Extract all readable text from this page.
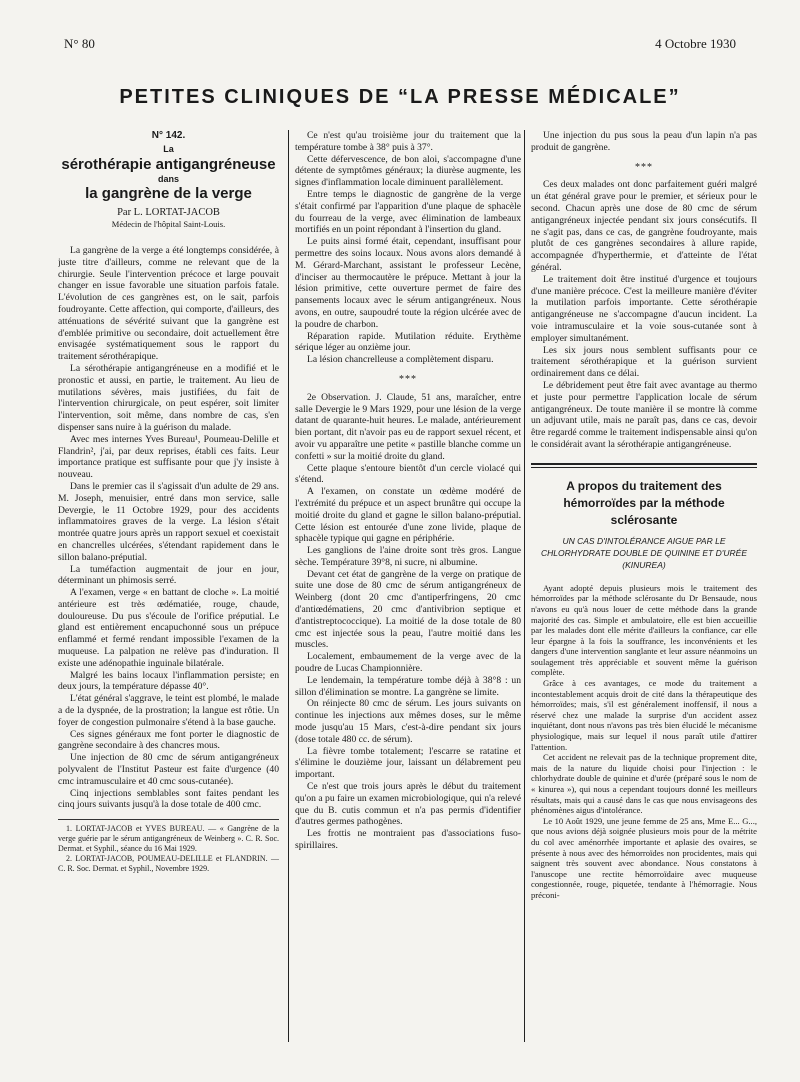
N° 80	4 Octobre 1930
PETITES CLINIQUES DE “LA PRESSE MÉDICALE”
N° 142.
La
sérothérapie antigangréneuse
dans
la gangrène de la verge
Par L. LORTAT-JACOB
Médecin de l'hôpital Saint-Louis.

La gangrène de la verge a été longtemps considérée, à juste titre d'ailleurs, comme ne relevant que de la chirurgie. Seule l'intervention précoce et large pouvait changer en issue favorable une situation parfois fatale. L'évolution de ces gangrènes est, on le sait, parfois foudroyante. Cette affection, qui comporte, d'ailleurs, des atténuations de sévérité suivant que la gangrène est d'emblée primitive ou secondaire, doit actuellement être envisagée systématiquement sous le rapport du traitement sérothérapique.

La sérothérapie antigangréneuse en a modifié et le pronostic et aussi, en partie, le traitement. Au lieu de mutilations sévères, mais justifiées, du fait de l'intervention chirurgicale, on peut espérer, soit limiter l'intervention, soit même, dans nombre de cas, s'en dispenser sans nuire à la guérison du malade.

Avec mes internes Yves Bureau¹, Poumeau-Delille et Flandrin², j'ai, par deux reprises, établi ces faits. Leur importance pratique est suffisante pour que j'y insiste à nouveau.

Dans le premier cas il s'agissait d'un adulte de 29 ans. M. Joseph, menuisier, entré dans mon service, salle Devergie, le 11 Octobre 1929, pour des accidents inflammatoires graves de la verge. La lésion s'était montrée quatre jours après un rapport sexuel et coexistait en chancrelles ulcérées, s'étendant rapidement dans le sillon balano-préputial.

La tuméfaction augmentait de jour en jour, déterminant un phimosis serré.

A l'examen, verge « en battant de cloche ». La moitié antérieure est très œdématiée, rouge, chaude, douloureuse. Du pus s'écoule de l'orifice préputial. Le gland est entièrement encapuchonné sous un prépuce enflammé et fermé rendant impossible l'examen de la muqueuse. La palpation ne relève pas d'induration. Il existe une adénopathie inguinale bilatérale.

Malgré les bains locaux l'inflammation persiste; en deux jours, la température dépasse 40°.

L'état général s'aggrave, le teint est plombé, le malade a de la dyspnée, de la prostration; la langue est rôtie. Un foyer de congestion pulmonaire s'étend à la base gauche.

Ces signes généraux me font porter le diagnostic de gangrène secondaire à des chancres mous.

Une injection de 80 cmc de sérum antigangréneux polyvalent de l'Institut Pasteur est faite d'urgence (40 cmc intramusculaire et 40 cmc sous-cutanée).

Cinq injections semblables sont faites pendant les cinq jours suivants jusqu'à la dose totale de 400 cmc.

1. LORTAT-JACOB et YVES BUREAU. — « Gangrène de la verge guérie par le sérum antigangréneux de Weinberg ». C. R. Soc. Dermat. et Syphil., séance du 16 Mai 1929.

2. LORTAT-JACOB, POUMEAU-DELILLE et FLANDRIN. — C. R. Soc. Dermat. et Syphil., Novembre 1929.

Ce n'est qu'au troisième jour du traitement que la température tombe à 38° puis à 37°.

Cette défervescence, de bon aloi, s'accompagne d'une détente de symptômes généraux; la diurèse augmente, les signes d'inflammation locale diminuent parallèlement.

Entre temps le diagnostic de gangrène de la verge s'était confirmé par l'apparition d'une plaque de sphacèle du fourreau de la verge, avec élimination de lambeaux mortifiés en un point répondant à l'insertion du gland.

Le puits ainsi formé était, cependant, insuffisant pour permettre des soins locaux. Nous avons alors demandé à M. Gérard-Marchant, assistant le professeur Lecène, d'inciser au thermocautère le prépuce. Mettant à jour la lésion primitive, cette ouverture permet de faire des pansements locaux avec le sérum antigangréneux. Nous avons, en outre, saupoudré toute la région ulcérée avec de la poudre de charbon.

Réparation rapide. Mutilation réduite. Erythème sérique léger au onzième jour.

La lésion chancrelleuse a complètement disparu.

***

2e Observation. J. Claude, 51 ans, maraîcher, entre salle Devergie le 9 Mars 1929, pour une lésion de la verge datant de quarante-huit heures. Le malade, antérieurement bien portant, dit n'avoir pas eu de rapport sexuel récent, et avoir vu apparaître une petite « pastille blanche comme un confetti » sur la moitié droite du gland.

Cette plaque s'entoure bientôt d'un cercle violacé qui s'étend.

A l'examen, on constate un œdème modéré de l'extrémité du prépuce et un aspect brunâtre qui occupe la moitié droite du gland et gagne le sillon balano-préputial. Cette lésion est entourée d'une zone livide, plaque de sphacèle typique qui gagne en périphérie.

Les ganglions de l'aine droite sont très gros. Langue sèche. Température 39°8, ni sucre, ni albumine.

Devant cet état de gangrène de la verge on pratique de suite une dose de 80 cmc de sérum antigangréneux de Weinberg (dont 20 cmc d'antiperfringens, 20 cmc d'antiœdématiens, 20 cmc d'antivibrion septique et d'antistreptococcique). La moitié de la dose totale de 80 cmc est injectée sous la peau, l'autre moitié dans les muscles.

Localement, embaumement de la verge avec de la poudre de Lucas Championnière.

Le lendemain, la température tombe déjà à 38°8 : un sillon d'élimination se montre. La gangrène se limite.

On réinjecte 80 cmc de sérum. Les jours suivants on continue les injections aux mêmes doses, sur le même mode jusqu'au 15 Mars, c'est-à-dire pendant six jours (dose totale 480 cc. de sérum).

La fièvre tombe totalement; l'escarre se ratatine et s'élimine le douzième jour, laissant un délabrement peu important.

Ce n'est que trois jours après le début du traitement qu'on a pu faire un examen microbiologique, qui n'a relevé que du B. cutis commun et n'a pas permis d'identifier d'autres germes pathogènes.

Les frottis ne montraient pas d'associations fuso-spirillaires.

Une injection du pus sous la peau d'un lapin n'a pas produit de gangrène.

***

Ces deux malades ont donc parfaitement guéri malgré un état général grave pour le premier, et sérieux pour le second. Chacun après une dose de 80 cmc de sérum antigangréneux injectée pendant six jours consécutifs. Il ne s'agit pas, dans ce cas, de gangrène foudroyante, mais plutôt de ces gangrènes secondaires à allure rapide, accompagnée d'hyperthermie, et d'atteinte de l'état général.

Le traitement doit être institué d'urgence et toujours d'une manière précoce. C'est la meilleure manière d'éviter la mutilation parfois importante. Cette sérothérapie antigangréneuse ne s'accompagne d'aucun incident. La voie intramusculaire et la voie sous-cutanée sont à employer simultanément.

Les six jours nous semblent suffisants pour ce traitement sérothérapique et la guérison survient ordinairement dans ce délai.

Le débridement peut être fait avec avantage au thermo et juste pour permettre l'application locale de sérum antigangréneux. De toute manière il se montre là comme un adjuvant utile, mais ne paraît pas, dans ce cas, devoir être regardé comme le traitement indispensable ainsi qu'on le considérait avant la sérothérapie antigangréneuse.

A propos du traitement des hémorroïdes par la méthode sclérosante
UN CAS D'INTOLÉRANCE AIGUE PAR LE CHLORHYDRATE DOUBLE DE QUININE ET D'URÉE (KINUREA)

Ayant adopté depuis plusieurs mois le traitement des hémorroïdes par la méthode sclérosante du Dr Bensaude, nous n'avons eu qu'à nous louer de cette méthode dans la grande majorité des cas. Simple et ambulatoire, elle est bien accueillie par les malades dont elle mérite d'ailleurs la confiance, car elle leur épargne à la fois la souffrance, les inconvénients et les dangers d'une intervention sanglante et leur assure néanmoins un soulagement très appréciable et souvent même la guérison complète.

Grâce à ces avantages, ce mode du traitement a incontestablement acquis droit de cité dans la thérapeutique des hémorroïdes; mais, s'il est généralement inoffensif, il nous a réservé chez une malade la surprise d'un accident assez inquiétant, dont nous n'avons pas très bien élucidé le mécanisme physiologique, mais sur lequel il nous paraît utile d'attirer l'attention.

Cet accident ne relevait pas de la technique proprement dite, mais de la nature du liquide choisi pour l'injection : le chlorhydrate double de quinine et d'urée (préparé sous le nom de « kinurea »), qui nous a cependant toujours donné les meilleurs résultats, mais qui a causé dans le cas que nous envisageons des phénomènes aigus d'intolérance.

Le 10 Août 1929, une jeune femme de 25 ans, Mme E... G..., que nous avions déjà soignée plusieurs mois pour de la métrite du col avec aménorrhée importante et aplasie des ovaires, se présente à nous avec des hémorroïdes non procidentes, mais qui saignent très souvent avec abondance. Nous constatons à l'anuscope une rectite hémorroïdaire avec muqueuse congestionnée, rouge, piquetée, tendante à l'hémorragie. Nous préconi-
